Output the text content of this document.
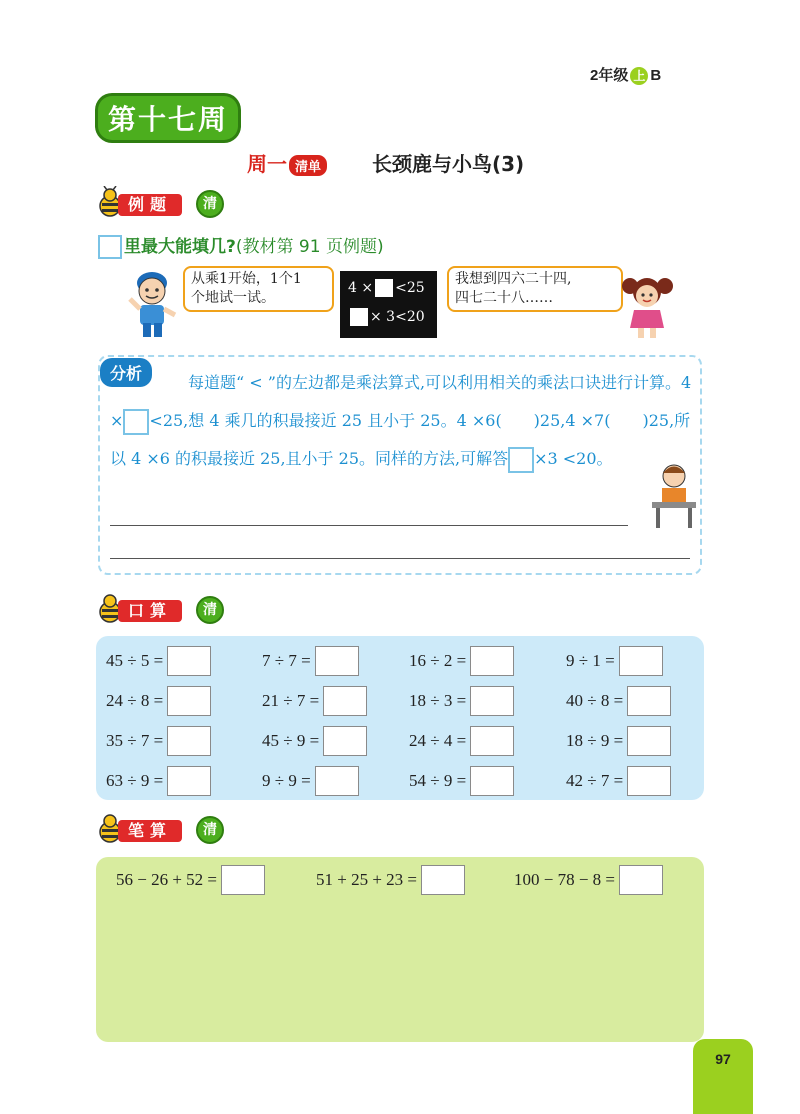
2年级 上 B
第十七周
周一 清单	长颈鹿与小鸟(3)
例题	清
里最大能填几?(教材第 91 页例题)
从乘1开始，1个1
个地试一试。
4 × <25
× 3<20
我想到四六二十四,
四七二十八……
分析	每道题“ < ”的左边都是乘法算式,可以利用相关的乘法口诀进行计算。4 × <25,想 4 乘几的积最接近 25 且小于 25。4 ×6(　　)25,4 ×7(　　)25,所以 4 ×6 的积最接近 25,且小于 25。同样的方法,可解答 ×3 <20。
口算	清
45 ÷ 5 =	7 ÷ 7 =	16 ÷ 2 =	9 ÷ 1 =
24 ÷ 8 =	21 ÷ 7 =	18 ÷ 3 =	40 ÷ 8 =
35 ÷ 7 =	45 ÷ 9 =	24 ÷ 4 =	18 ÷ 9 =
63 ÷ 9 =	9 ÷ 9 =	54 ÷ 9 =	42 ÷ 7 =
笔算	清
56 − 26 + 52 =	51 + 25 + 23 =	100 − 78 − 8 =
97
